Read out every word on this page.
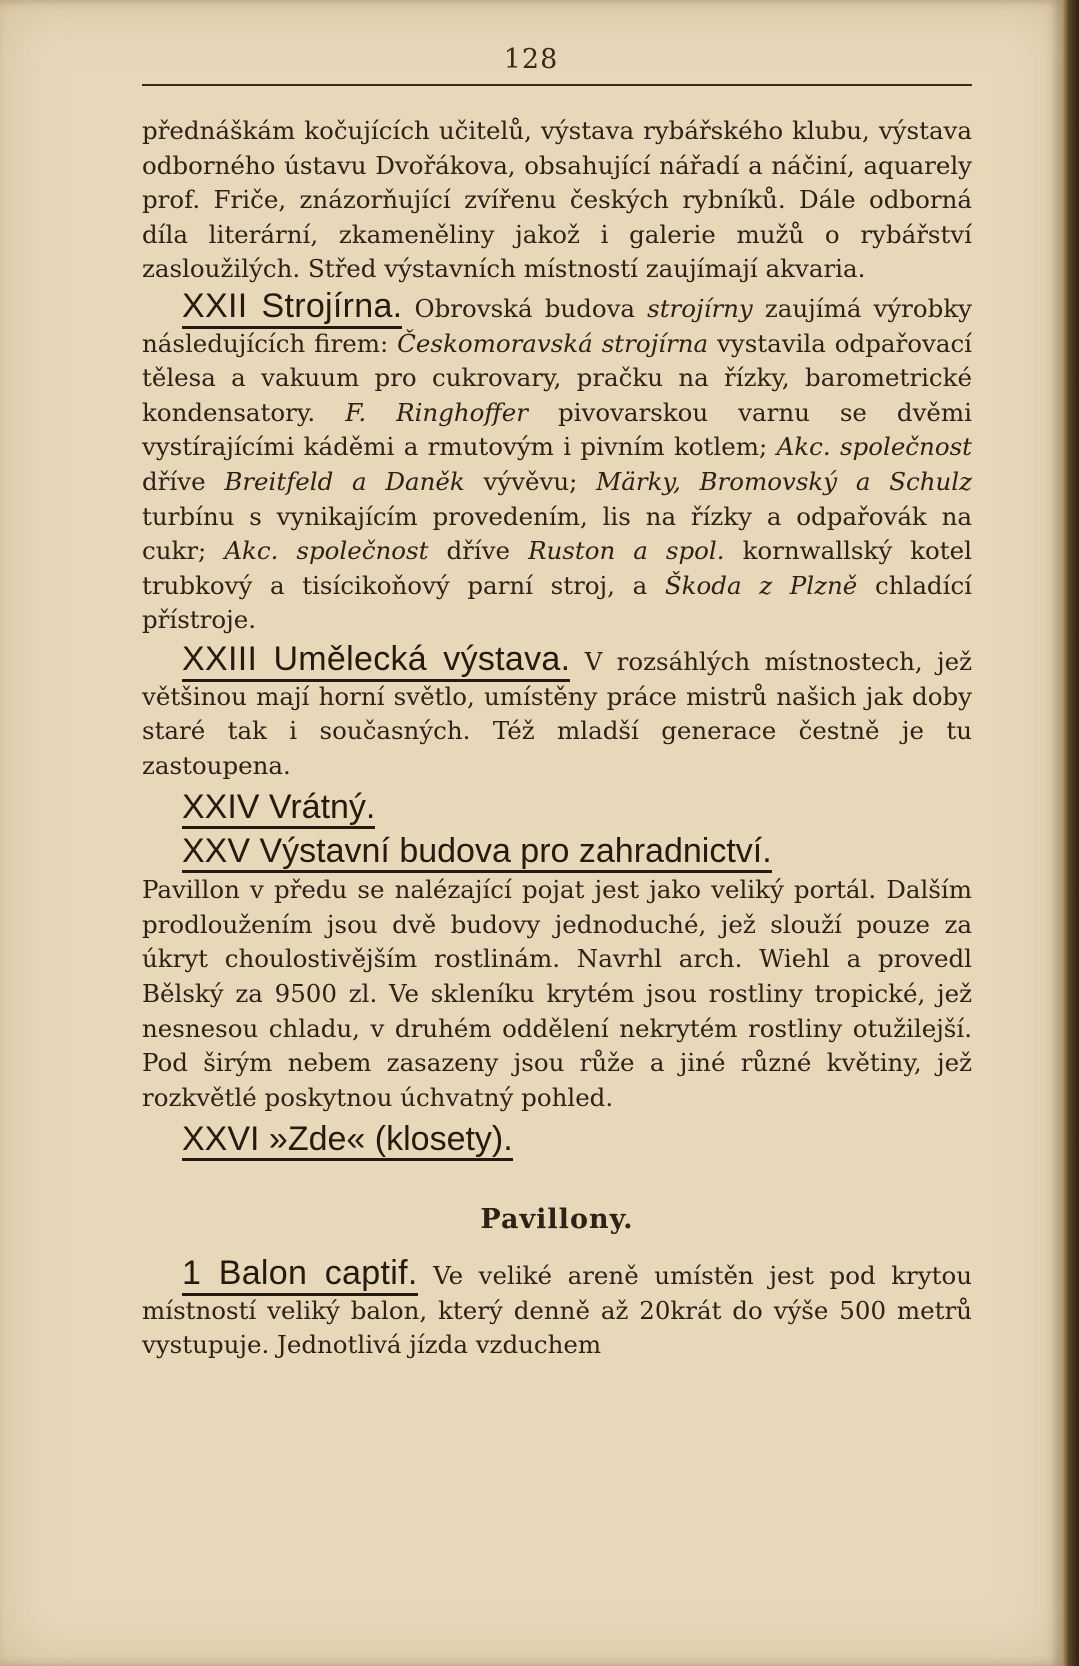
128

přednáškám kočujících učitelů, výstava rybářského klubu, výstava odborného ústavu Dvořákova, obsahující nářadí a náčiní, aquarely prof. Friče, znázorňující zvířenu českých rybníků. Dále odborná díla literární, zkameněliny jakož i galerie mužů o rybářství zasloužilých. Střed výstavních místností zaujímají akvaria.

XXII Strojírna. Obrovská budova strojírny zaujímá výrobky následujících firem: Českomoravská strojírna vystavila odpařovací tělesa a vakuum pro cukrovary, pračku na řízky, barometrické kondensatory. F. Ringhoffer pivovarskou varnu se dvěmi vystírajícími káděmi a rmutovým i pivním kotlem; Akc. společnost dříve Breitfeld a Daněk vývěvu; Märky, Bromovský a Schulz turbínu s vynikajícím provedením, lis na řízky a odpařovák na cukr; Akc. společnost dříve Ruston a spol. kornwallský kotel trubkový a tisícikoňový parní stroj, a Škoda z Plzně chladící přístroje.

XXIII Umělecká výstava. V rozsáhlých místnostech, jež většinou mají horní světlo, umístěny práce mistrů našich jak doby staré tak i současných. Též mladší generace čestně je tu zastoupena.

XXIV Vrátný.
XXV Výstavní budova pro zahradnictví.

Pavillon v předu se nalézající pojat jest jako veliký portál. Dalším prodloužením jsou dvě budovy jednoduché, jež slouží pouze za úkryt choulostivějším rostlinám. Navrhl arch. Wiehl a provedl Bělský za 9500 zl. Ve skleníku krytém jsou rostliny tropické, jež nesnesou chladu, v druhém oddělení nekrytém rostliny otužilejší. Pod širým nebem zasazeny jsou růže a jiné různé květiny, jež rozkvětlé poskytnou úchvatný pohled.

XXVI »Zde« (klosety).
Pavillony.

1 Balon captif. Ve veliké areně umístěn jest pod krytou místností veliký balon, který denně až 20krát do výše 500 metrů vystupuje. Jednotlivá jízda vzduchem
